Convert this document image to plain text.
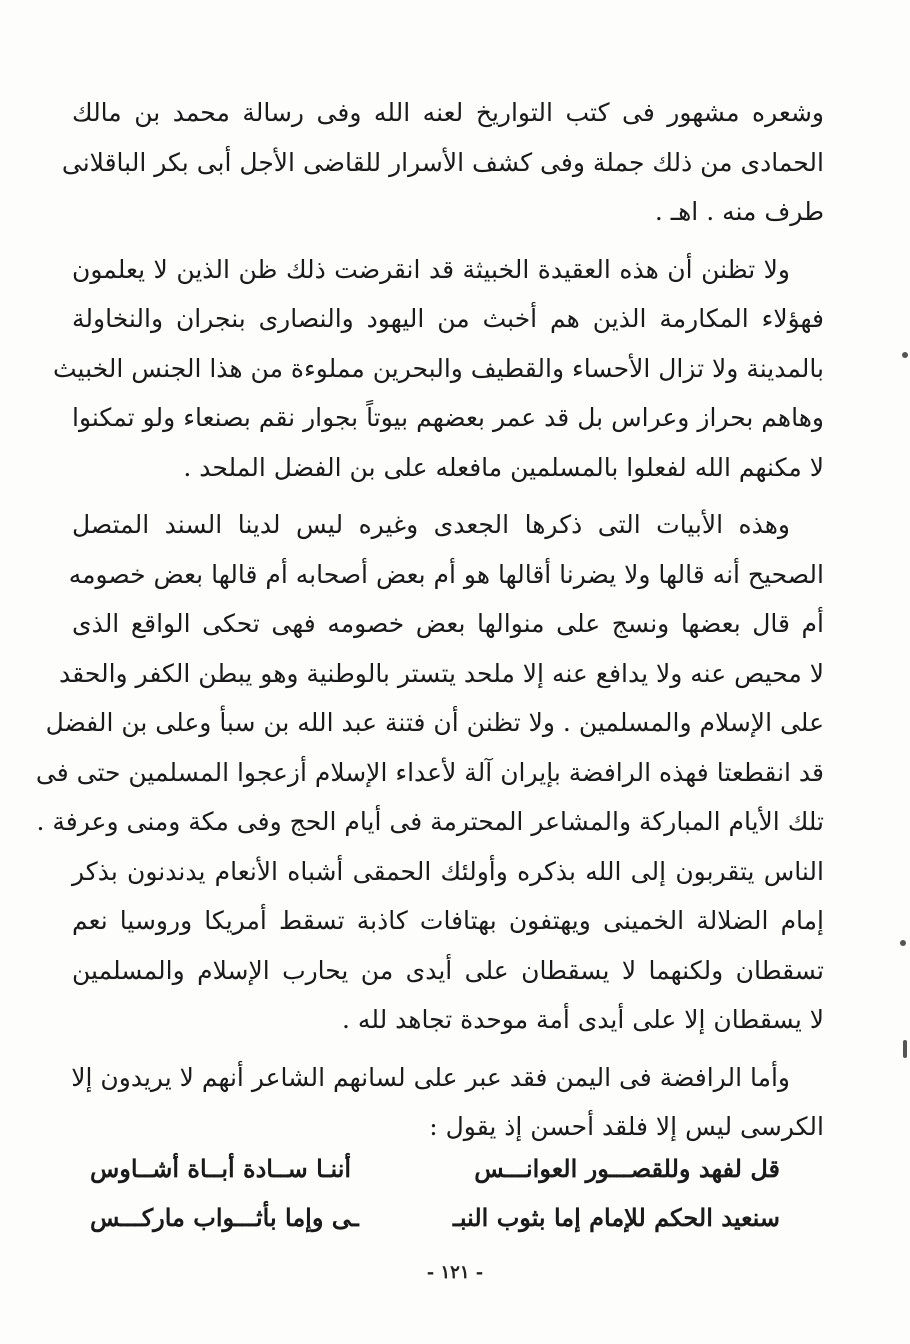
وشعره مشهور فى كتب التواريخ لعنه الله وفى رسالة محمد بن مالك
الحمادى من ذلك جملة وفى كشف الأسرار للقاضى الأجل أبى بكر الباقلانى
طرف منه . اهـ .

ولا تظنن أن هذه العقيدة الخبيثة قد انقرضت ذلك ظن الذين لا يعلمون
فهؤلاء المكارمة الذين هم أخبث من اليهود والنصارى بنجران والنخاولة
بالمدينة ولا تزال الأحساء والقطيف والبحرين مملوءة من هذا الجنس الخبيث
وهاهم بحراز وعراس بل قد عمر بعضهم بيوتاً بجوار نقم بصنعاء ولو تمكنوا
لا مكنهم الله لفعلوا بالمسلمين مافعله على بن الفضل الملحد .

وهذه الأبيات التى ذكرها الجعدى وغيره ليس لدينا السند المتصل
الصحيح أنه قالها ولا يضرنا أقالها هو أم بعض أصحابه أم قالها بعض خصومه
أم قال بعضها ونسج على منوالها بعض خصومه فهى تحكى الواقع الذى
لا محيص عنه ولا يدافع عنه إلا ملحد يتستر بالوطنية وهو يبطن الكفر والحقد
على الإسلام والمسلمين . ولا تظنن أن فتنة عبد الله بن سبأ وعلى بن الفضل
قد انقطعتا فهذه الرافضة بإيران آلة لأعداء الإسلام أزعجوا المسلمين حتى فى
تلك الأيام المباركة والمشاعر المحترمة فى أيام الحج وفى مكة ومنى وعرفة .
الناس يتقربون إلى الله بذكره وأولئك الحمقى أشباه الأنعام يدندنون بذكر
إمام الضلالة الخمينى ويهتفون بهتافات كاذبة تسقط أمريكا وروسيا نعم
تسقطان ولكنهما لا يسقطان على أيدى من يحارب الإسلام والمسلمين
لا يسقطان إلا على أيدى أمة موحدة تجاهد لله .

وأما الرافضة فى اليمن فقد عبر على لسانهم الشاعر أنهم لا يريدون إلا
الكرسى ليس إلا فلقد أحسن إذ يقول :

قل لفهد وللقصـــور العوانـــس
أننـا ســادة أبــاة أشــاوس
سنعيد الحكم للإمام إما بثوب النبـ
ـى وإما بأثـــواب ماركـــس
- ١٢١ -
